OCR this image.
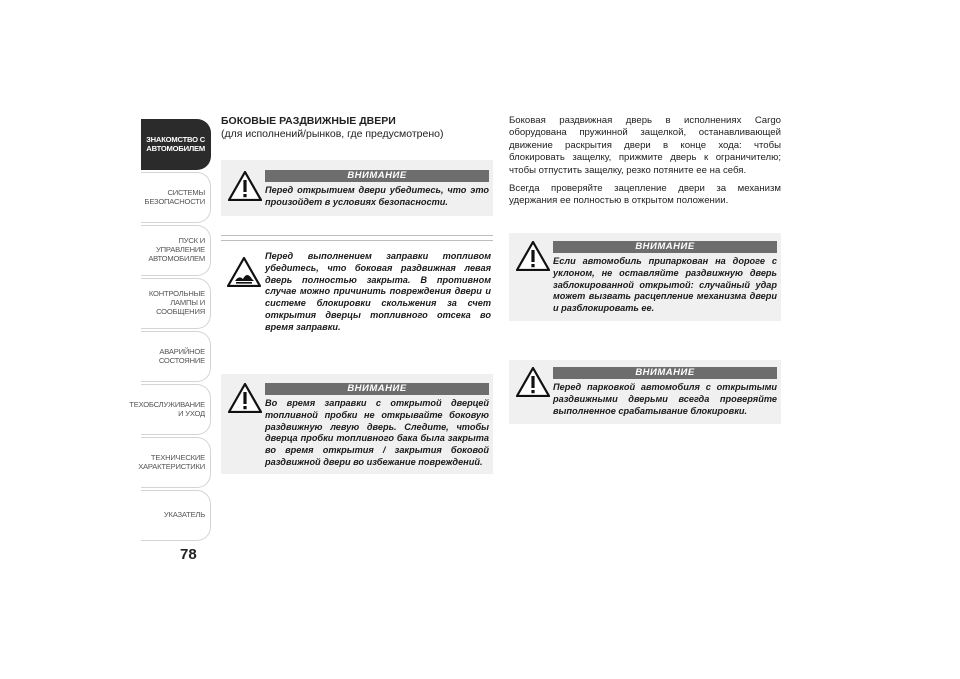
ЗНАКОМСТВО С
АВТОМОБИЛЕМ
СИСТЕМЫ
БЕЗОПАСНОСТИ
ПУСК И УПРАВЛЕНИЕ
АВТОМОБИЛЕМ
КОНТРОЛЬНЫЕ
ЛАМПЫ И
СООБЩЕНИЯ
АВАРИЙНОЕ
СОСТОЯНИЕ
ТЕХОБСЛУЖИВАНИЕ
И УХОД
ТЕХНИЧЕСКИЕ
ХАРАКТЕРИСТИКИ
УКАЗАТЕЛЬ
78
БОКОВЫЕ РАЗДВИЖНЫЕ ДВЕРИ
(для исполнений/рынков, где предусмотрено)
ВНИМАНИЕ

Перед открытием двери убедитесь, что это произойдет в условиях безопасности.

Перед выполнением заправки топливом убедитесь, что боковая раздвижная левая дверь полностью закрыта. В противном случае можно причинить повреждения двери и системе блокировки скольжения за счет открытия дверцы топливного отсека во время заправки.

ВНИМАНИЕ

Во время заправки с открытой дверцей топливной пробки не открывайте боковую раздвижную левую дверь. Следите, чтобы дверца пробки топливного бака была закрыта во время открытия / закрытия боковой раздвижной двери во избежание повреждений.

Боковая раздвижная дверь в исполнениях Cargo оборудована пружинной защелкой, останавливающей движение раскрытия двери в конце хода: чтобы блокировать защелку, прижмите дверь к ограничителю; чтобы отпустить защелку, резко потяните ее на себя.

Всегда проверяйте зацепление двери за механизм удержания ее полностью в открытом положении.

ВНИМАНИЕ

Если автомобиль припаркован на дороге с уклоном, не оставляйте раздвижную дверь заблокированной открытой: случайный удар может вызвать расцепление механизма двери и разблокировать ее.

ВНИМАНИЕ

Перед парковкой автомобиля с открытыми раздвижными дверьми всегда проверяйте выполненное срабатывание блокировки.
